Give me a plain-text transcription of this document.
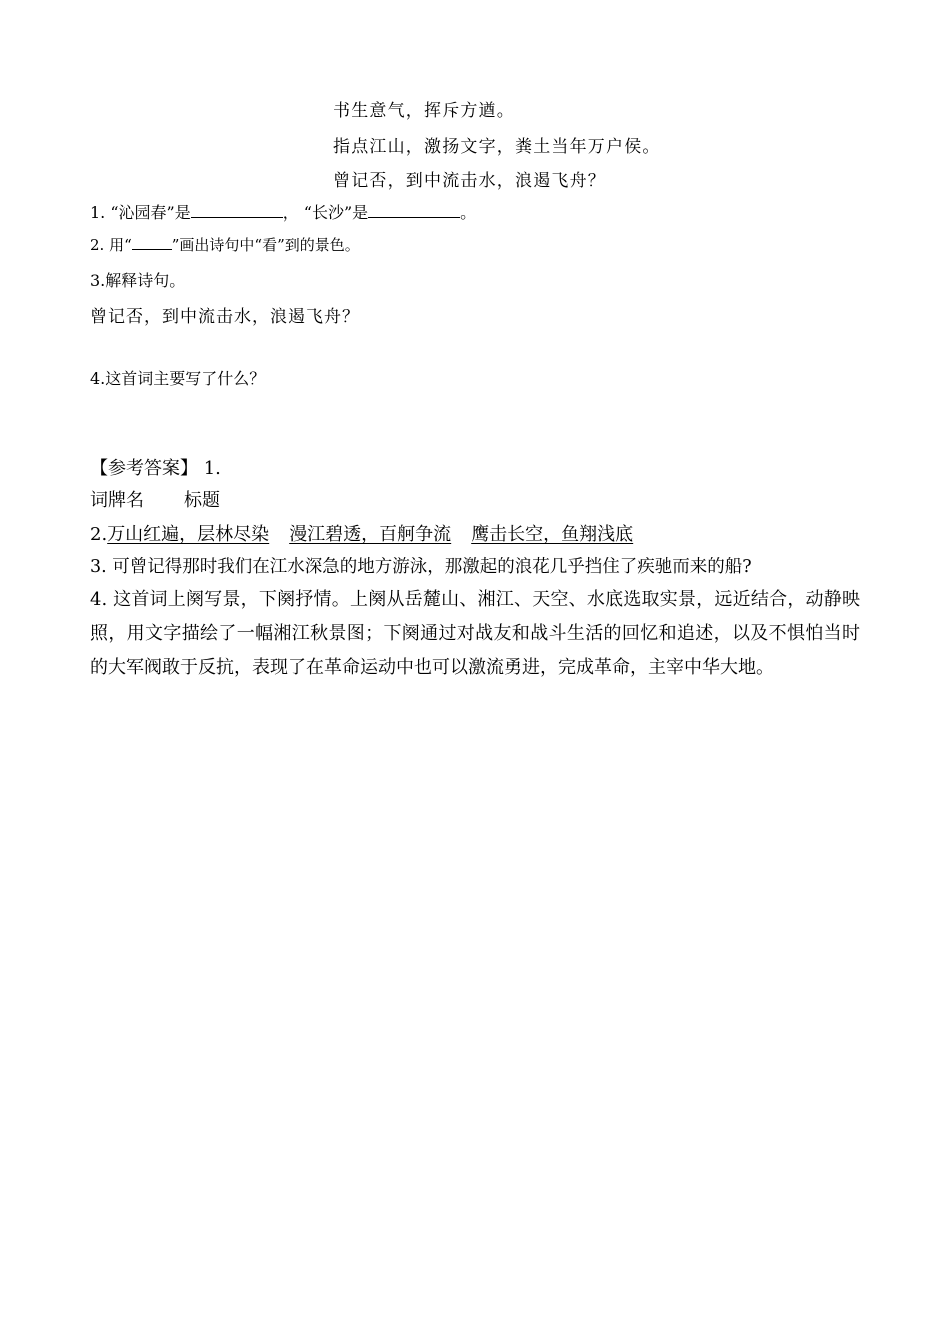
书生意气，挥斥方遒。
指点江山，激扬文字，粪土当年万户侯。
曾记否，到中流击水，浪遏飞舟？
1. “沁园春”是	， “长沙”是	。
2. 用“	”画出诗句中“看”到的景色。
3.解释诗句。
曾记否，到中流击水，浪遏飞舟？
4.这首词主要写了什么？
【参考答案】 1.
词牌名 标题
2.万山红遍，层林尽染 漫江碧透，百舸争流 鹰击长空，鱼翔浅底
3. 可曾记得那时我们在江水深急的地方游泳，那激起的浪花几乎挡住了疾驰而来的船?
4. 这首词上阕写景，下阕抒情。上阕从岳麓山、湘江、天空、水底选取实景，远近结合，动静映照，用文字描绘了一幅湘江秋景图；下阕通过对战友和战斗生活的回忆和追述，以及不惧怕当时的大军阀敢于反抗，表现了在革命运动中也可以激流勇进，完成革命，主宰中华大地。
